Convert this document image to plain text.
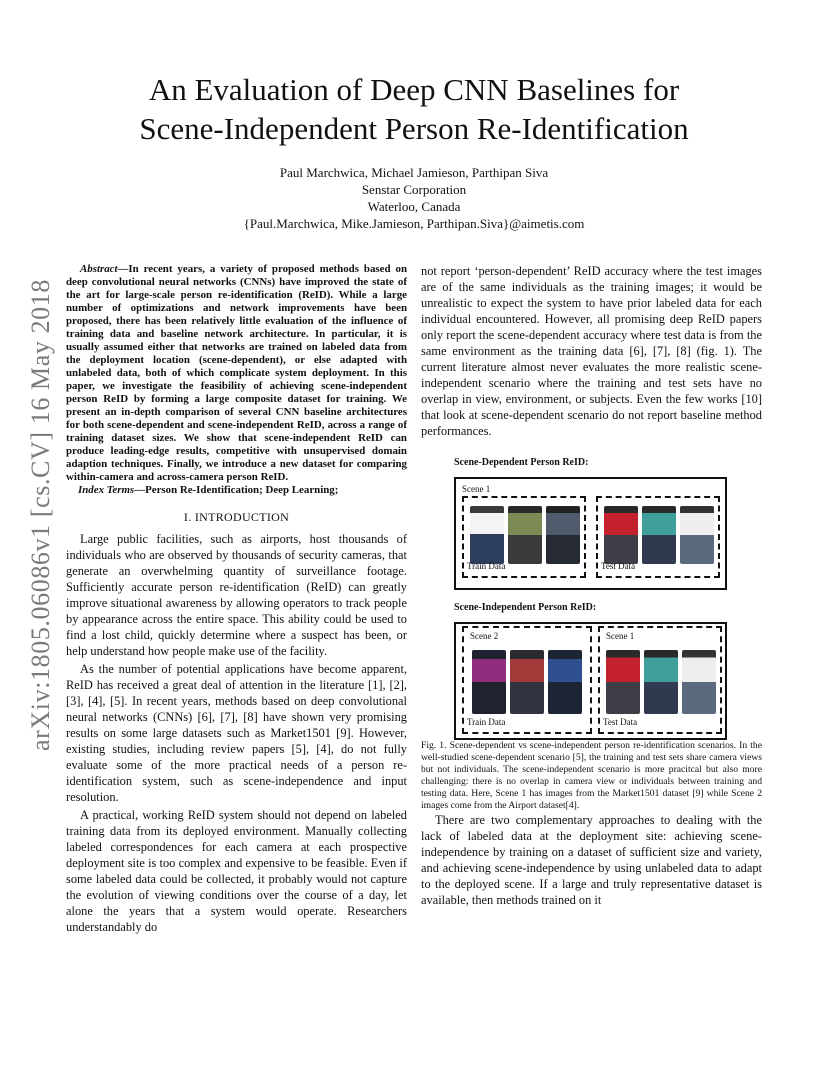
arXiv:1805.06086v1 [cs.CV] 16 May 2018
An Evaluation of Deep CNN Baselines for
Scene-Independent Person Re-Identification
Paul Marchwica, Michael Jamieson, Parthipan Siva
Senstar Corporation
Waterloo, Canada
{Paul.Marchwica, Mike.Jamieson, Parthipan.Siva}@aimetis.com

Abstract—In recent years, a variety of proposed methods based on deep convolutional neural networks (CNNs) have improved the state of the art for large-scale person re-identification (ReID). While a large number of optimizations and network improvements have been proposed, there has been relatively little evaluation of the influence of training data and baseline network architecture. In particular, it is usually assumed either that networks are trained on labeled data from the deployment location (scene-dependent), or else adapted with unlabeled data, both of which complicate system deployment. In this paper, we investigate the feasibility of achieving scene-independent person ReID by forming a large composite dataset for training. We present an in-depth comparison of several CNN baseline architectures for both scene-dependent and scene-independent ReID, across a range of training dataset sizes. We show that scene-independent ReID can produce leading-edge results, competitive with unsupervised domain adaption techniques. Finally, we introduce a new dataset for comparing within-camera and across-camera person ReID.

Index Terms—Person Re-Identification; Deep Learning;

I. INTRODUCTION

Large public facilities, such as airports, host thousands of individuals who are observed by thousands of security cameras, that generate an overwhelming quantity of surveillance footage. Sufficiently accurate person re-identification (ReID) can greatly improve situational awareness by allowing operators to track people by appearance across the entire space. This ability could be used to find a lost child, quickly determine where a suspect has been, or help understand how people make use of the facility.

As the number of potential applications have become apparent, ReID has received a great deal of attention in the literature [1], [2], [3], [4], [5]. In recent years, methods based on deep convolutional neural networks (CNNs) [6], [7], [8] have shown very promising results on some large datasets such as Market1501 [9]. However, existing studies, including review papers [5], [4], do not fully evaluate some of the more practical needs of a person re-identification system, such as scene-independence and input resolution.

A practical, working ReID system should not depend on labeled training data from its deployed environment. Manually collecting labeled correspondences for each camera at each prospective deployment site is too complex and expensive to be feasible. Even if some labeled data could be collected, it probably would not capture the evolution of viewing conditions over the course of a day, let alone the years that a system would operate. Researchers understandably do

not report ‘person-dependent’ ReID accuracy where the test images are of the same individuals as the training images; it would be unrealistic to expect the system to have prior labeled data for each individual encountered. However, all promising deep ReID papers only report the scene-dependent accuracy where test data is from the same environment as the training data [6], [7], [8] (fig. 1). The current literature almost never evaluates the more realistic scene-independent scenario where the training and test sets have no overlap in view, environment, or subjects. Even the few works [10] that look at scene-dependent scenario do not report baseline method performances.

Scene-Dependent Person ReID:
Scene 1
Train Data	Test Data
Scene-Independent Person ReID:
Scene 2	Scene 1
Train Data	Test Data

Fig. 1. Scene-dependent vs scene-independent person re-identification scenarios. In the well-studied scene-dependent scenario [5], the training and test sets share camera views but not individuals. The scene-independent scenario is more pracitcal but also more challenging: there is no overlap in camera view or individuals between training and testing data. Here, Scene 1 has images from the Market1501 dataset [9] while Scene 2 images come from the Airport dataset[4].

There are two complementary approaches to dealing with the lack of labeled data at the deployment site: achieving scene-independence by training on a dataset of sufficient size and variety, and achieving scene-independence by using unlabeled data to adapt to the deployed scene. If a large and truly representative dataset is available, then methods trained on it
